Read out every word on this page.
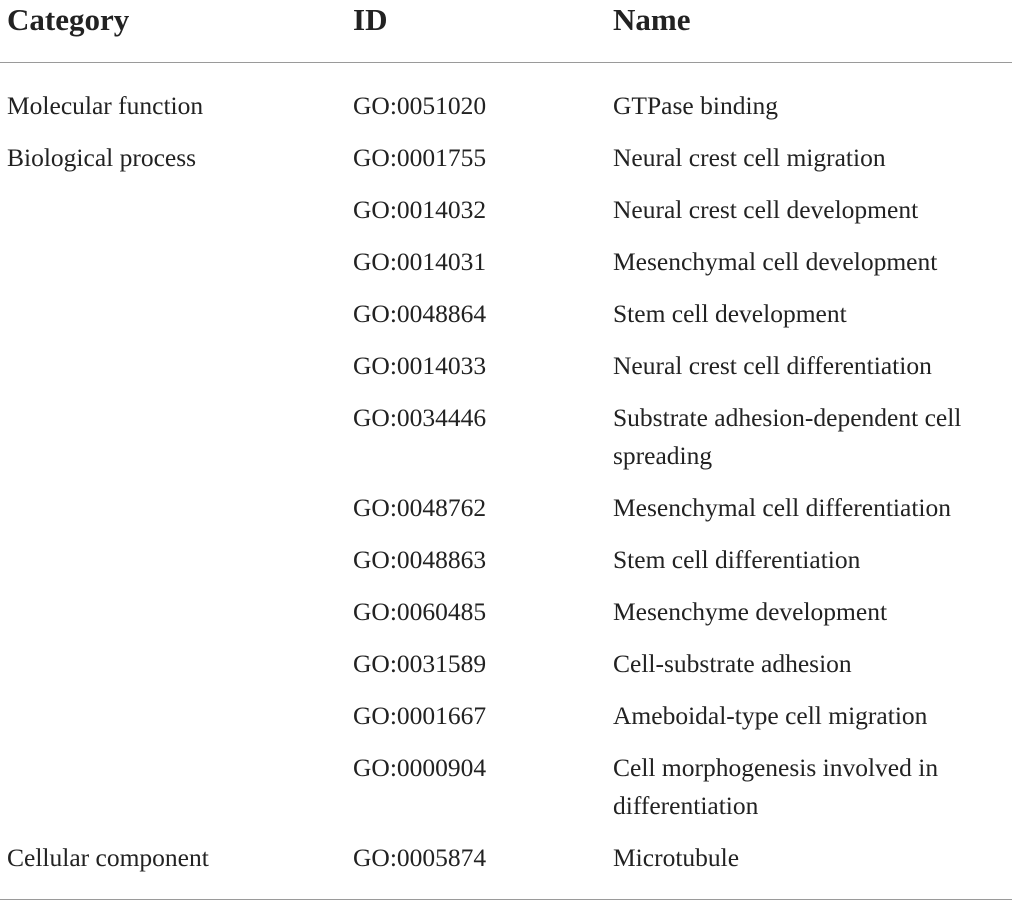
Category	ID	Name
Molecular function	GO:0051020	GTPase binding
Biological process	GO:0001755	Neural crest cell migration
	GO:0014032	Neural crest cell development
	GO:0014031	Mesenchymal cell development
	GO:0048864	Stem cell development
	GO:0014033	Neural crest cell differentiation
	GO:0034446	Substrate adhesion-dependent cell spreading
	GO:0048762	Mesenchymal cell differentiation
	GO:0048863	Stem cell differentiation
	GO:0060485	Mesenchyme development
	GO:0031589	Cell-substrate adhesion
	GO:0001667	Ameboidal-type cell migration
	GO:0000904	Cell morphogenesis involved in differentiation
Cellular component	GO:0005874	Microtubule
